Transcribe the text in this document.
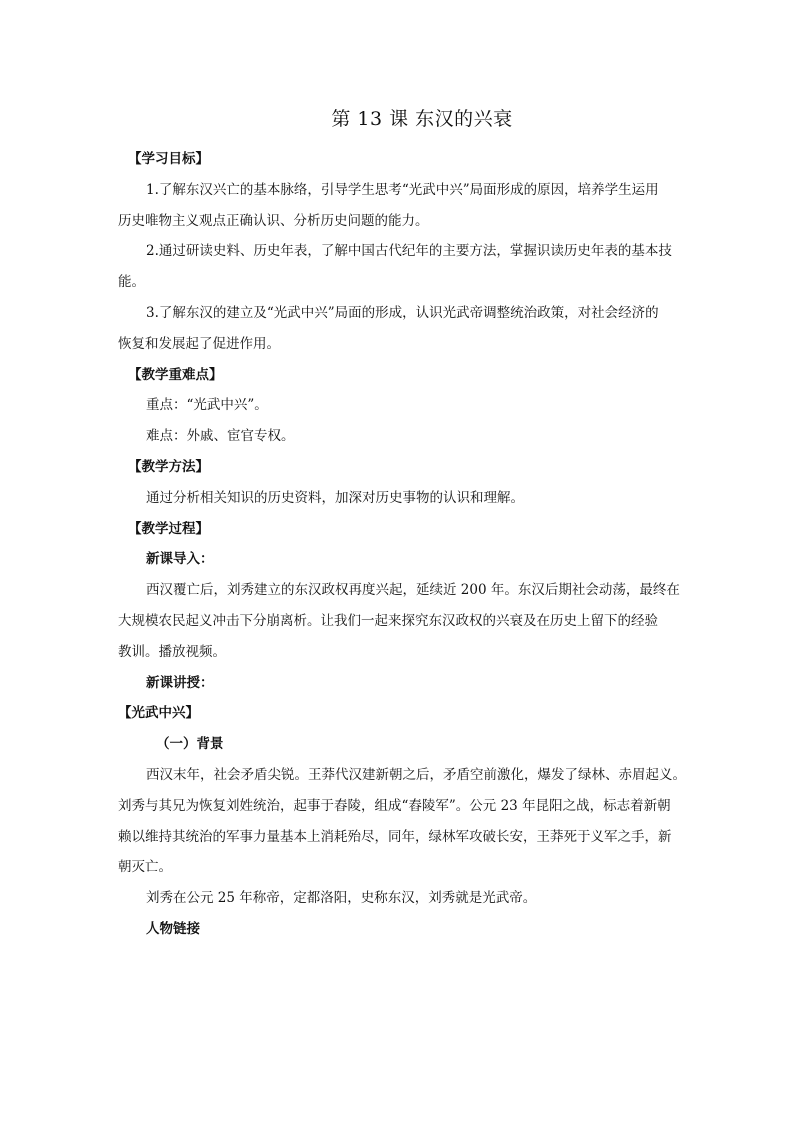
第 13 课 东汉的兴衰

【学习目标】

1.了解东汉兴亡的基本脉络，引导学生思考“光武中兴”局面形成的原因，培养学生运用

历史唯物主义观点正确认识、分析历史问题的能力。

2.通过研读史料、历史年表，了解中国古代纪年的主要方法，掌握识读历史年表的基本技

能。

3.了解东汉的建立及“光武中兴”局面的形成，认识光武帝调整统治政策，对社会经济的

恢复和发展起了促进作用。

【教学重难点】

重点：“光武中兴”。

难点：外戚、宦官专权。

【教学方法】

通过分析相关知识的历史资料，加深对历史事物的认识和理解。

【教学过程】

新课导入：

西汉覆亡后，刘秀建立的东汉政权再度兴起，延续近 200 年。东汉后期社会动荡，最终在

大规模农民起义冲击下分崩离析。让我们一起来探究东汉政权的兴衰及在历史上留下的经验

教训。播放视频。

新课讲授：

【光武中兴】

（一）背景

西汉末年，社会矛盾尖锐。王莽代汉建新朝之后，矛盾空前激化，爆发了绿林、赤眉起义。

刘秀与其兄为恢复刘姓统治，起事于舂陵，组成“舂陵军”。公元 23 年昆阳之战，标志着新朝

赖以维持其统治的军事力量基本上消耗殆尽，同年，绿林军攻破长安，王莽死于义军之手，新

朝灭亡。

刘秀在公元 25 年称帝，定都洛阳，史称东汉，刘秀就是光武帝。

人物链接
